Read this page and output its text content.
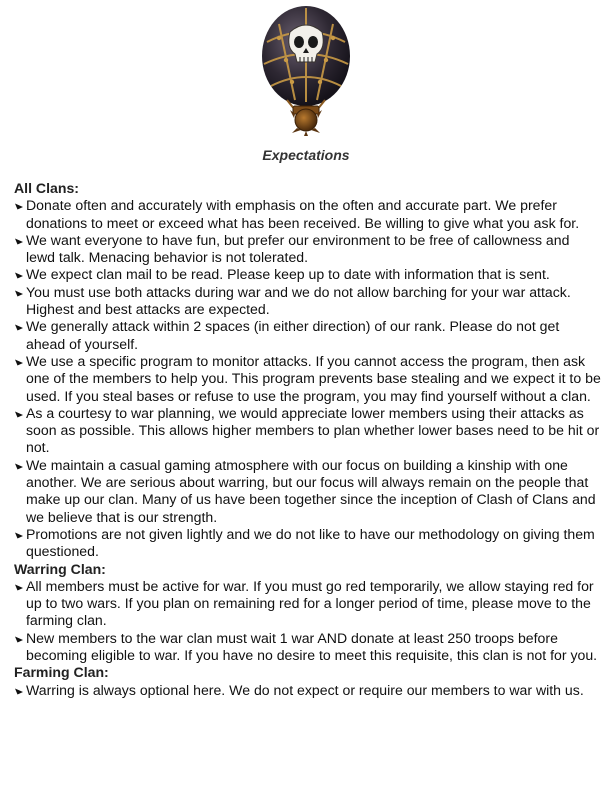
Expectations
All Clans:
Donate often and accurately with emphasis on the often and accurate part. We prefer donations to meet or exceed what has been received. Be willing to give what you ask for.
We want everyone to have fun, but prefer our environment to be free of callowness and lewd talk. Menacing behavior is not tolerated.
We expect clan mail to be read. Please keep up to date with information that is sent.
You must use both attacks during war and we do not allow barching for your war attack. Highest and best attacks are expected.
We generally attack within 2 spaces (in either direction) of our rank. Please do not get ahead of yourself.
We use a specific program to monitor attacks. If you cannot access the program, then ask one of the members to help you. This program prevents base stealing and we expect it to be used. If you steal bases or refuse to use the program, you may find yourself without a clan.
As a courtesy to war planning, we would appreciate lower members using their attacks as soon as possible. This allows higher members to plan whether lower bases need to be hit or not.
We maintain a casual gaming atmosphere with our focus on building a kinship with one another. We are serious about warring, but our focus will always remain on the people that make up our clan. Many of us have been together since the inception of Clash of Clans and we believe that is our strength.
Promotions are not given lightly and we do not like to have our methodology on giving them questioned.
Warring Clan:
All members must be active for war. If you must go red temporarily, we allow staying red for up to two wars. If you plan on remaining red for a longer period of time, please move to the farming clan.
New members to the war clan must wait 1 war AND donate at least 250 troops before becoming eligible to war. If you have no desire to meet this requisite, this clan is not for you.
Farming Clan:
Warring is always optional here. We do not expect or require our members to war with us.
